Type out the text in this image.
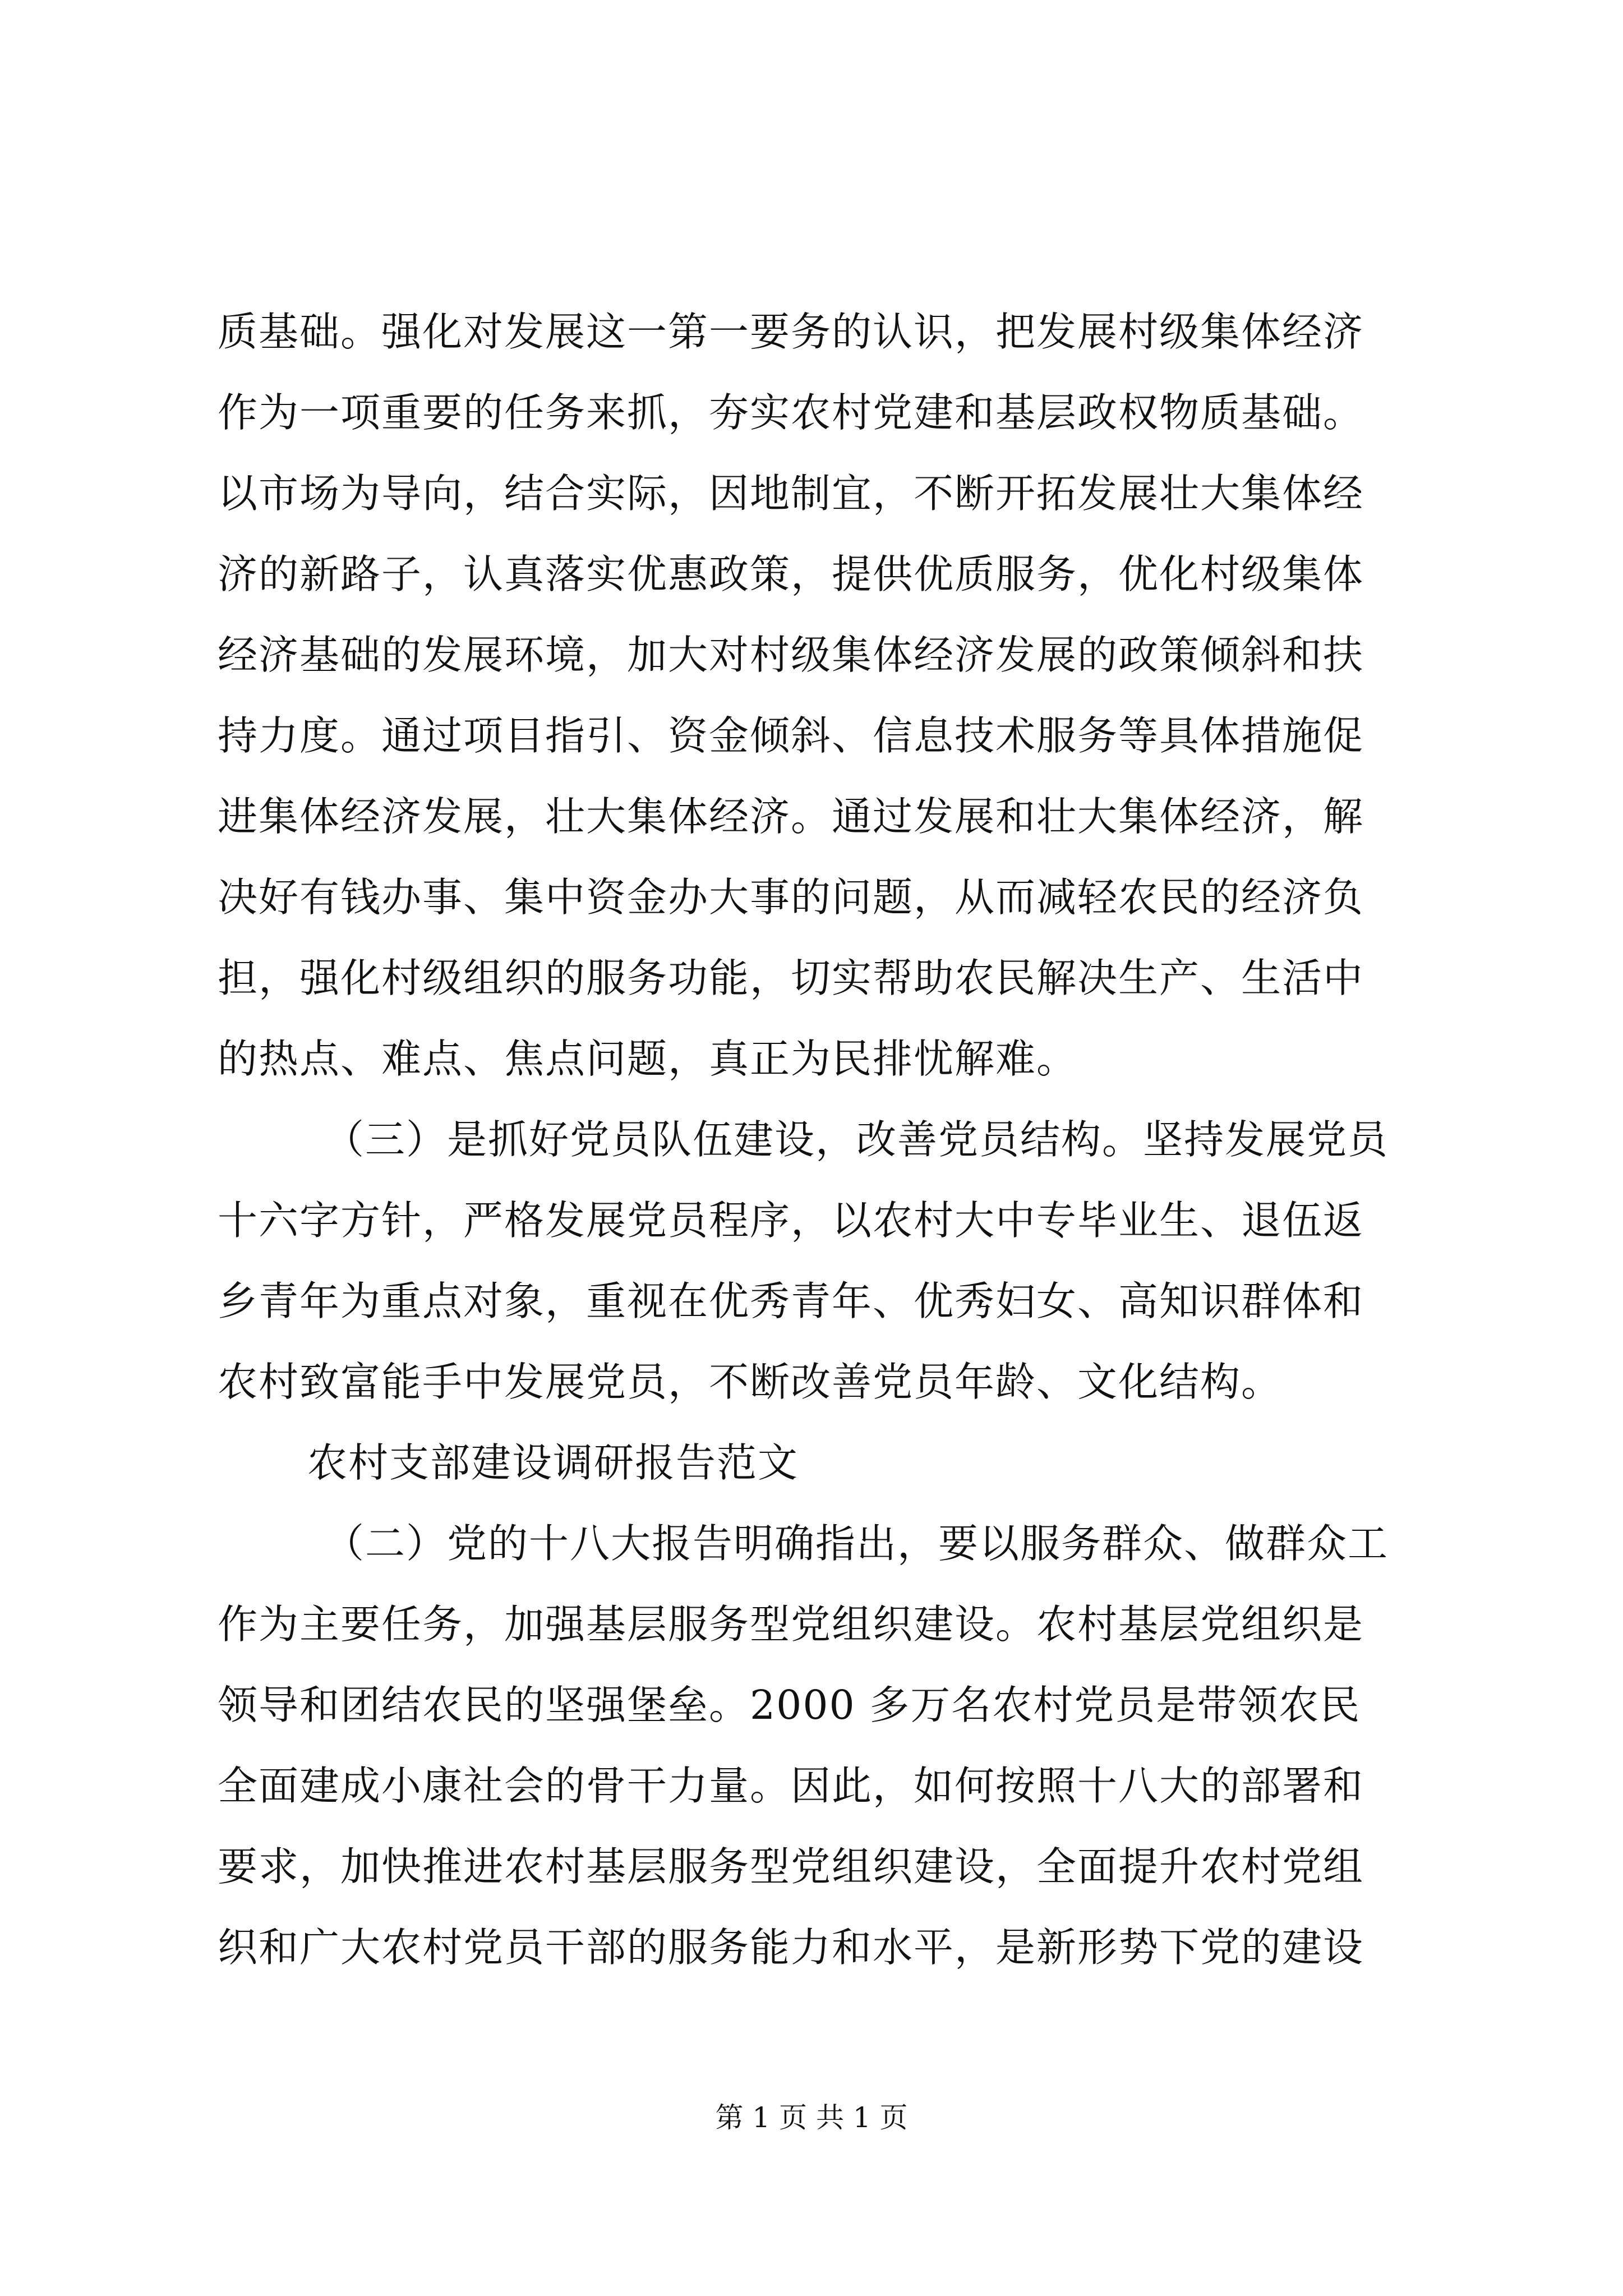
质基础。强化对发展这一第一要务的认识，把发展村级集体经济
作为一项重要的任务来抓，夯实农村党建和基层政权物质基础。
以市场为导向，结合实际，因地制宜，不断开拓发展壮大集体经
济的新路子，认真落实优惠政策，提供优质服务，优化村级集体
经济基础的发展环境，加大对村级集体经济发展的政策倾斜和扶
持力度。通过项目指引、资金倾斜、信息技术服务等具体措施促
进集体经济发展，壮大集体经济。通过发展和壮大集体经济，解
决好有钱办事、集中资金办大事的问题，从而减轻农民的经济负
担，强化村级组织的服务功能，切实帮助农民解决生产、生活中
的热点、难点、焦点问题，真正为民排忧解难。
（三）是抓好党员队伍建设，改善党员结构。坚持发展党员
十六字方针，严格发展党员程序，以农村大中专毕业生、退伍返
乡青年为重点对象，重视在优秀青年、优秀妇女、高知识群体和
农村致富能手中发展党员，不断改善党员年龄、文化结构。
农村支部建设调研报告范文
（二）党的十八大报告明确指出，要以服务群众、做群众工
作为主要任务，加强基层服务型党组织建设。农村基层党组织是
领导和团结农民的坚强堡垒。2000 多万名农村党员是带领农民
全面建成小康社会的骨干力量。因此，如何按照十八大的部署和
要求，加快推进农村基层服务型党组织建设，全面提升农村党组
织和广大农村党员干部的服务能力和水平，是新形势下党的建设
第 1 页 共 1 页
